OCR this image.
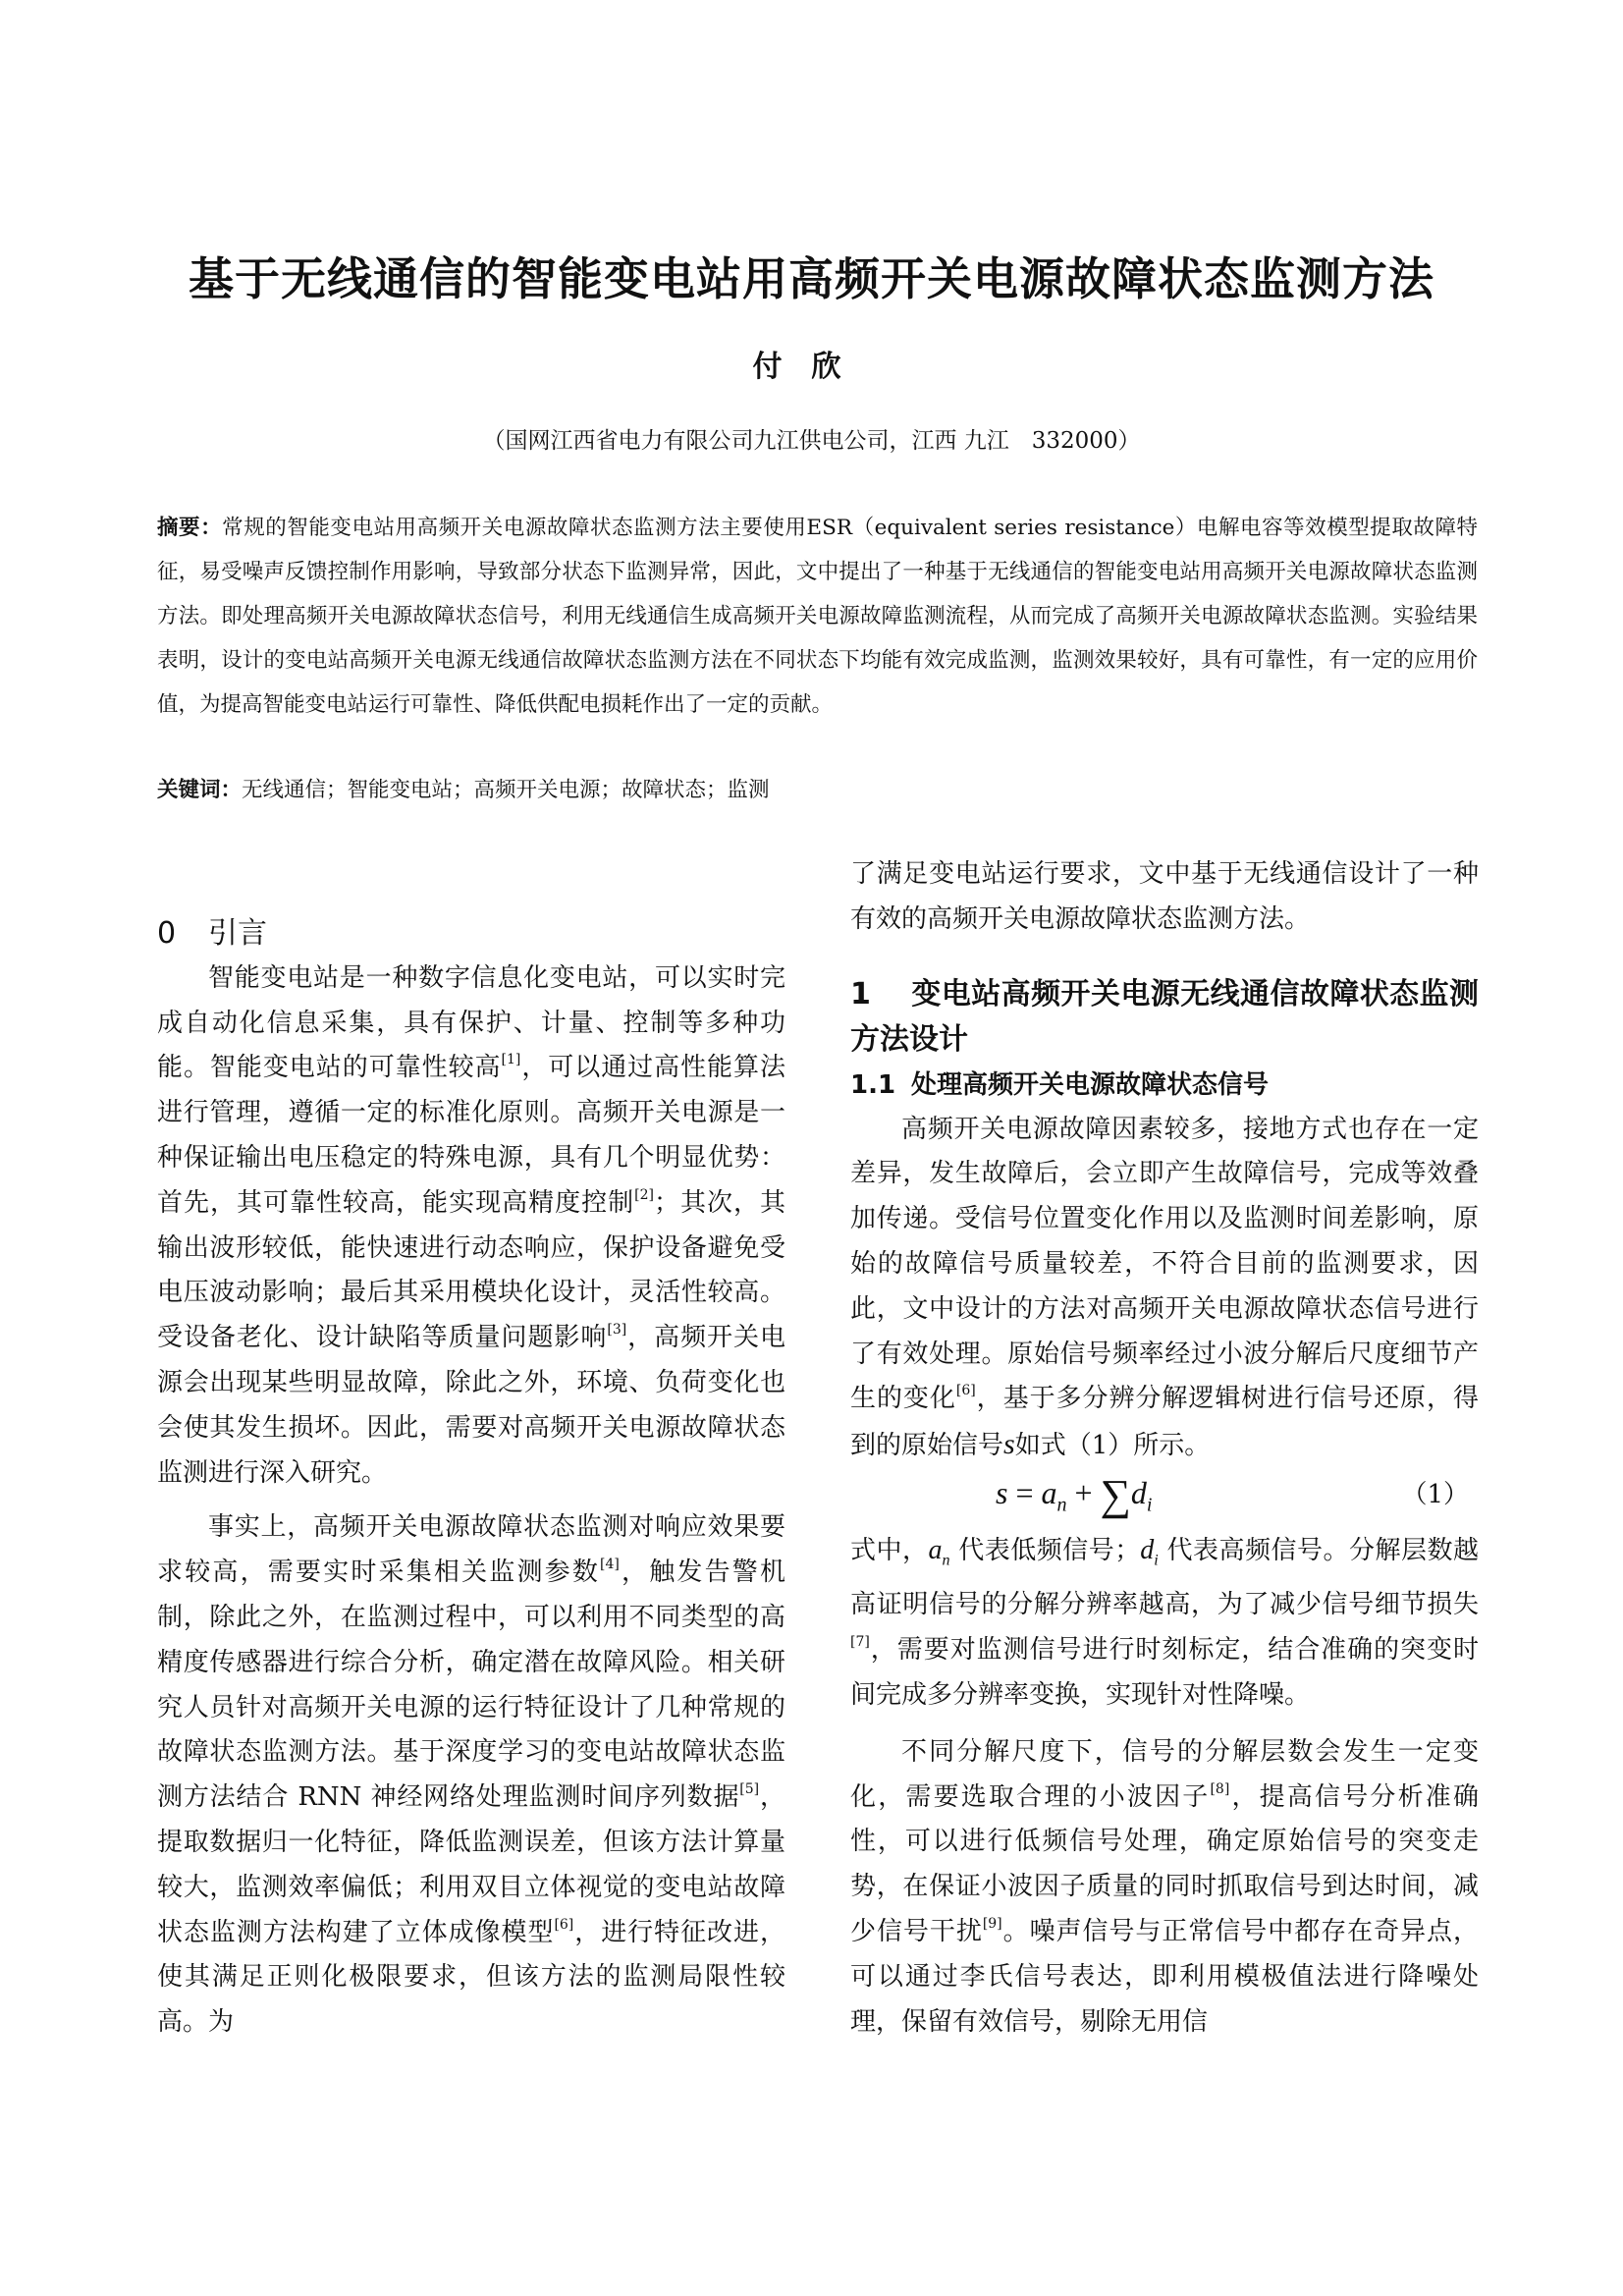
基于无线通信的智能变电站用高频开关电源故障状态监测方法
付欣
（国网江西省电力有限公司九江供电公司，江西 九江　332000）
摘要：常规的智能变电站用高频开关电源故障状态监测方法主要使用ESR（equivalent series resistance）电解电容等效模型提取故障特征，易受噪声反馈控制作用影响，导致部分状态下监测异常，因此，文中提出了一种基于无线通信的智能变电站用高频开关电源故障状态监测方法。即处理高频开关电源故障状态信号，利用无线通信生成高频开关电源故障监测流程，从而完成了高频开关电源故障状态监测。实验结果表明，设计的变电站高频开关电源无线通信故障状态监测方法在不同状态下均能有效完成监测，监测效果较好，具有可靠性，有一定的应用价值，为提高智能变电站运行可靠性、降低供配电损耗作出了一定的贡献。
关键词：无线通信；智能变电站；高频开关电源；故障状态；监测

0 引言

智能变电站是一种数字信息化变电站，可以实时完成自动化信息采集，具有保护、计量、控制等多种功能。智能变电站的可靠性较高[1]，可以通过高性能算法进行管理，遵循一定的标准化原则。高频开关电源是一种保证输出电压稳定的特殊电源，具有几个明显优势：首先，其可靠性较高，能实现高精度控制[2]；其次，其输出波形较低，能快速进行动态响应，保护设备避免受电压波动影响；最后其采用模块化设计，灵活性较高。受设备老化、设计缺陷等质量问题影响[3]，高频开关电源会出现某些明显故障，除此之外，环境、负荷变化也会使其发生损坏。因此，需要对高频开关电源故障状态监测进行深入研究。

事实上，高频开关电源故障状态监测对响应效果要求较高，需要实时采集相关监测参数[4]，触发告警机制，除此之外，在监测过程中，可以利用不同类型的高精度传感器进行综合分析，确定潜在故障风险。相关研究人员针对高频开关电源的运行特征设计了几种常规的故障状态监测方法。基于深度学习的变电站故障状态监测方法结合 RNN 神经网络处理监测时间序列数据[5]，提取数据归一化特征，降低监测误差，但该方法计算量较大，监测效率偏低；利用双目立体视觉的变电站故障状态监测方法构建了立体成像模型[6]，进行特征改进，使其满足正则化极限要求，但该方法的监测局限性较高。为

了满足变电站运行要求，文中基于无线通信设计了一种有效的高频开关电源故障状态监测方法。

1 变电站高频开关电源无线通信故障状态监测方法设计

1.1 处理高频开关电源故障状态信号

高频开关电源故障因素较多，接地方式也存在一定差异，发生故障后，会立即产生故障信号，完成等效叠加传递。受信号位置变化作用以及监测时间差影响，原始的故障信号质量较差，不符合目前的监测要求，因此，文中设计的方法对高频开关电源故障状态信号进行了有效处理。原始信号频率经过小波分解后尺度细节产生的变化[6]，基于多分辨分解逻辑树进行信号还原，得到的原始信号s如式（1）所示。

$s = a_n + \sum d_i$	（1）

式中，$a_n$ 代表低频信号；$d_i$ 代表高频信号。分解层数越高证明信号的分解分辨率越高，为了减少信号细节损失[7]，需要对监测信号进行时刻标定，结合准确的突变时间完成多分辨率变换，实现针对性降噪。

不同分解尺度下，信号的分解层数会发生一定变化，需要选取合理的小波因子[8]，提高信号分析准确性，可以进行低频信号处理，确定原始信号的突变走势，在保证小波因子质量的同时抓取信号到达时间，减少信号干扰[9]。噪声信号与正常信号中都存在奇异点，可以通过李氏信号表达，即利用模极值法进行降噪处理，保留有效信号，剔除无用信
